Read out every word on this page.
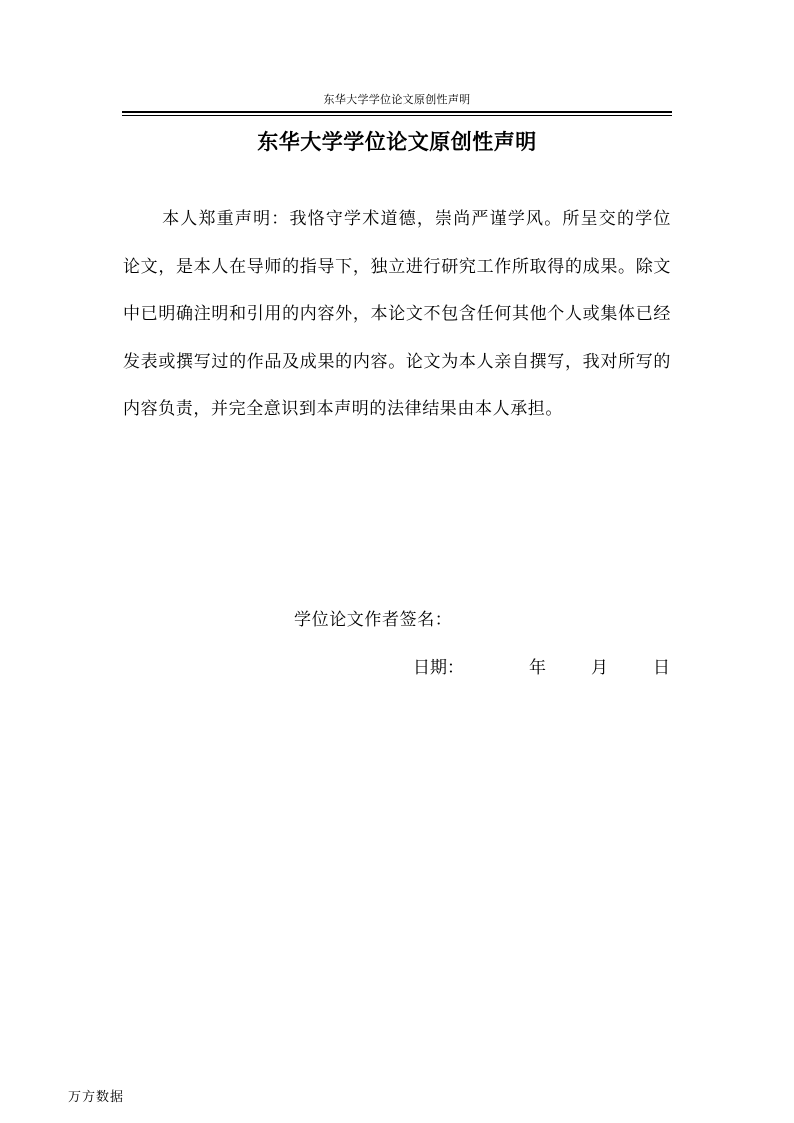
东华大学学位论文原创性声明
东华大学学位论文原创性声明

本人郑重声明：我恪守学术道德，崇尚严谨学风。所呈交的学位论文，是本人在导师的指导下，独立进行研究工作所取得的成果。除文中已明确注明和引用的内容外，本论文不包含任何其他个人或集体已经发表或撰写过的作品及成果的内容。论文为本人亲自撰写，我对所写的内容负责，并完全意识到本声明的法律结果由本人承担。

学位论文作者签名：
日期：	年	月	日
万方数据
